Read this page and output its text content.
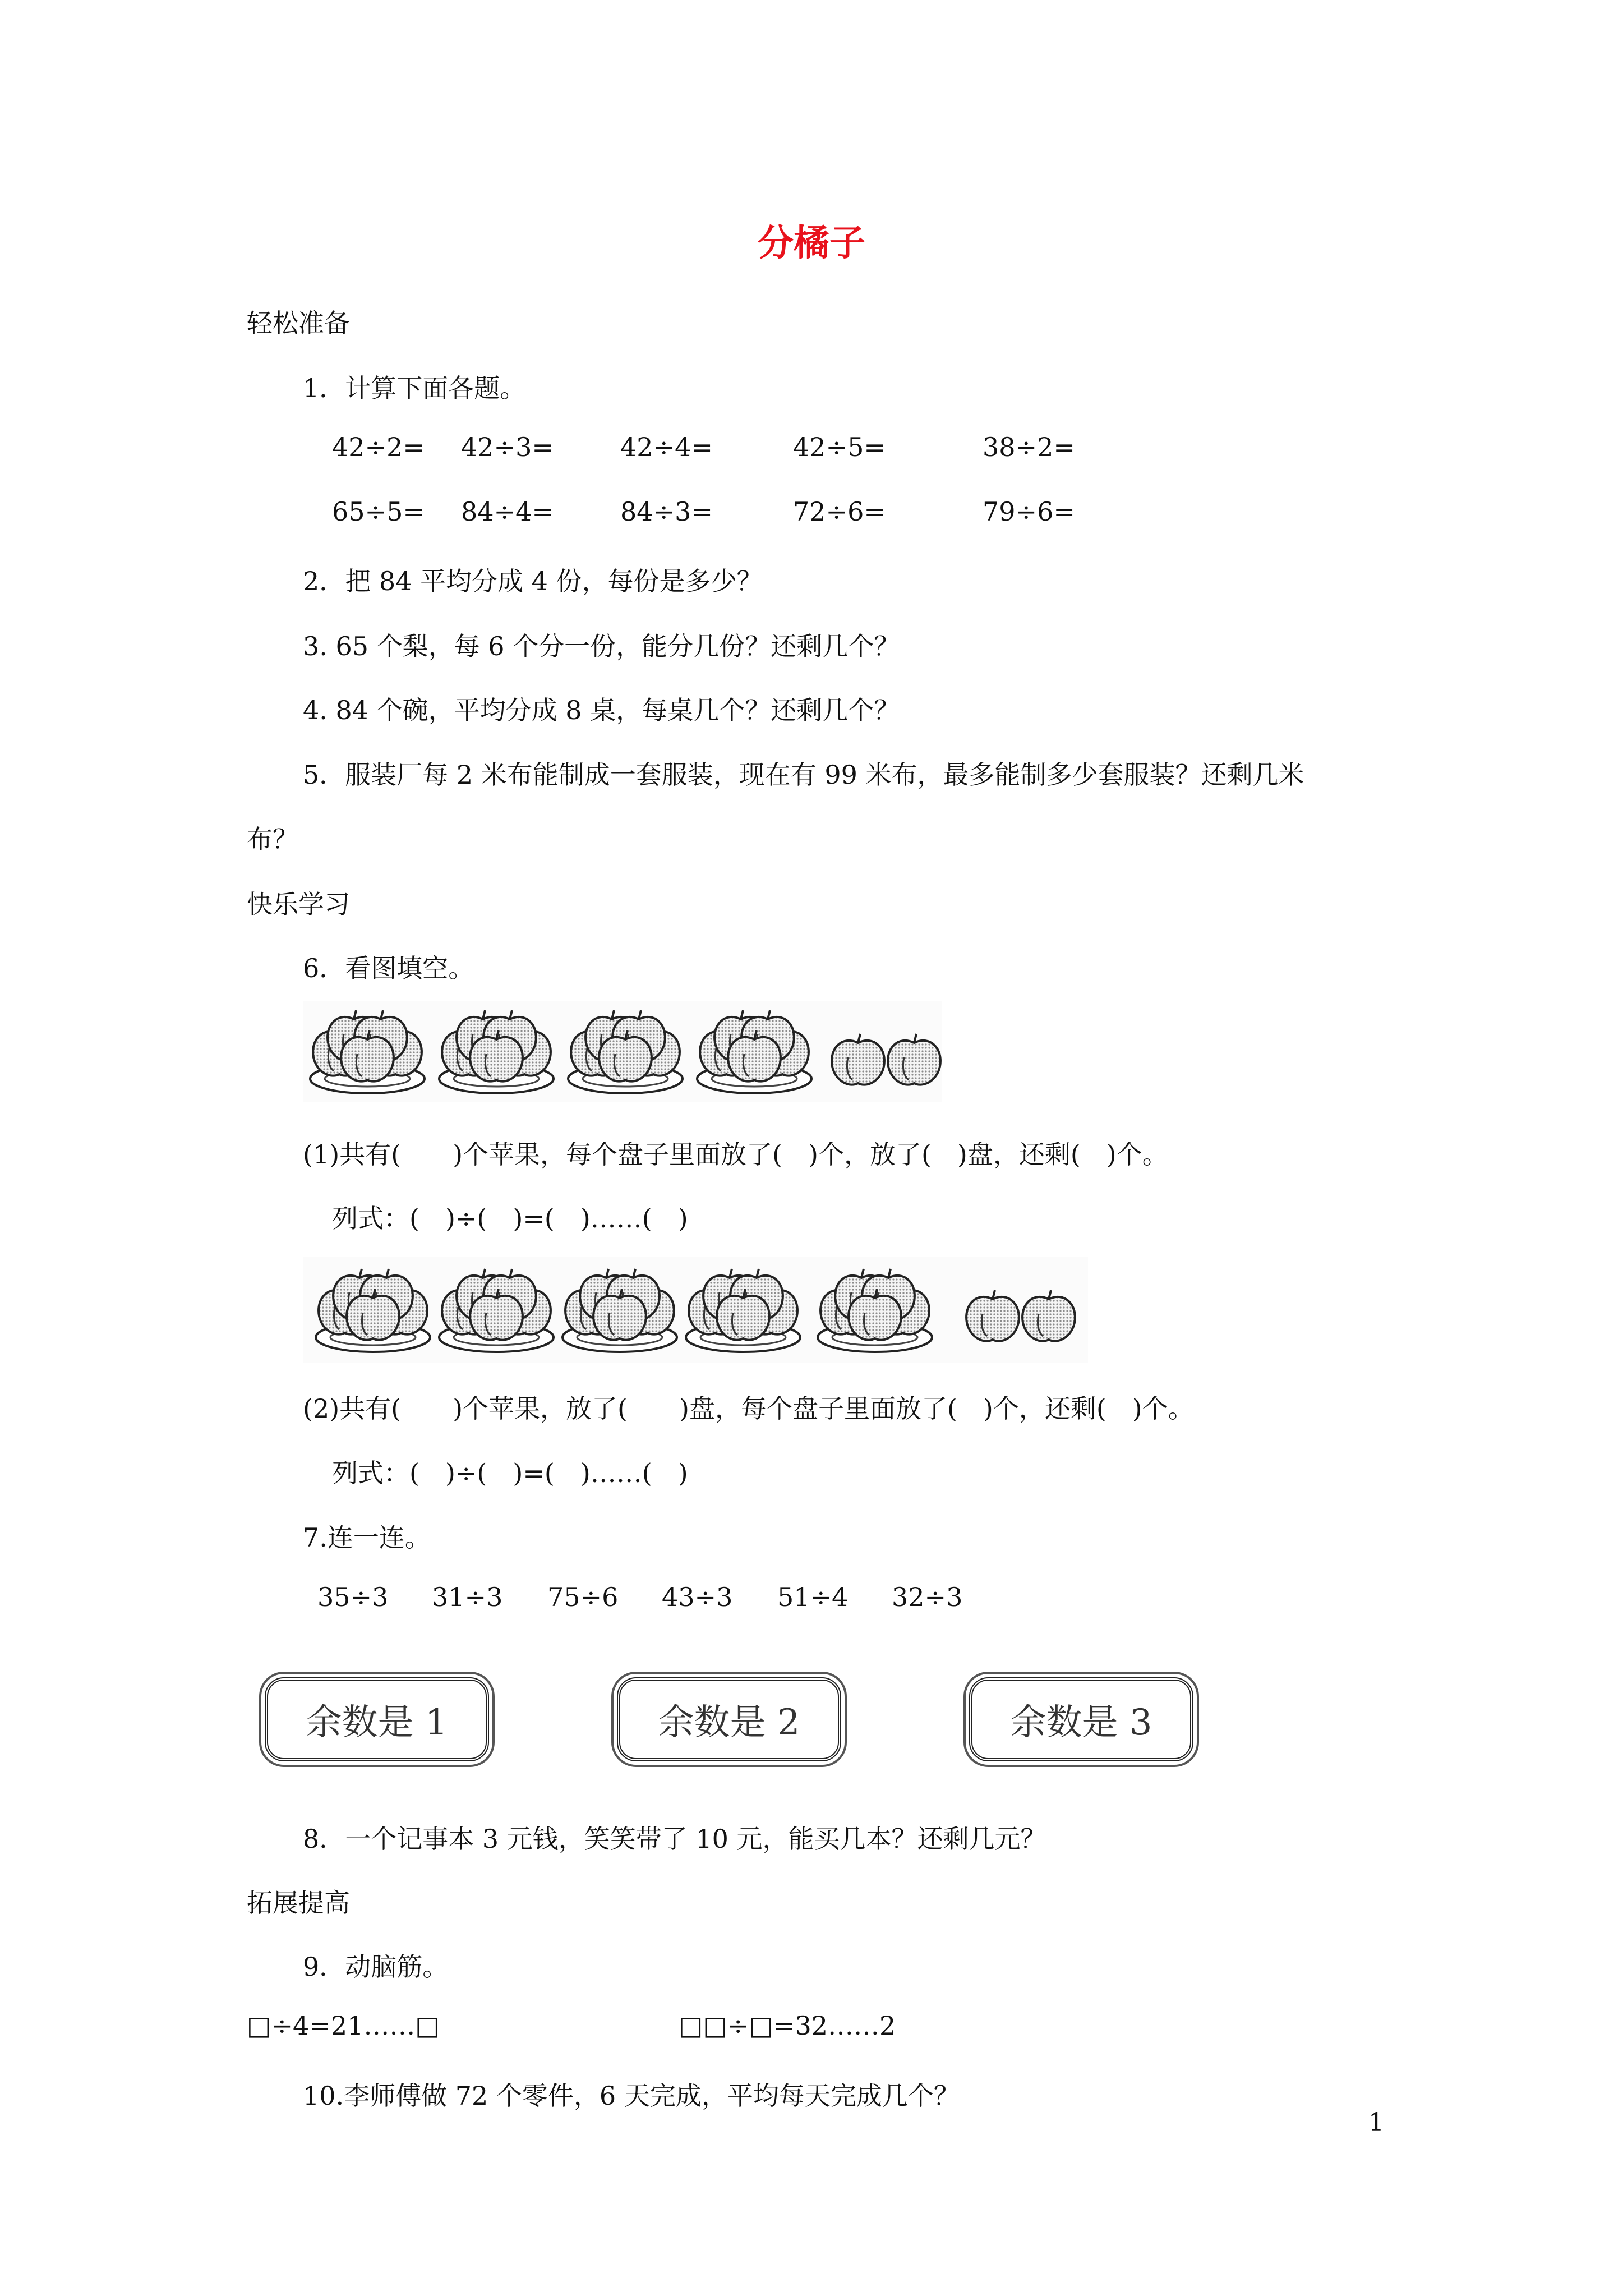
分橘子
轻松准备
1．计算下面各题。
42÷2= 42÷3=	42÷4=	42÷5=	38÷2=
65÷5= 84÷4=	84÷3=	72÷6=	79÷6=
2．把 84 平均分成 4 份，每份是多少？
3. 65 个梨，每 6 个分一份，能分几份？还剩几个？
4. 84 个碗，平均分成 8 桌，每桌几个？还剩几个？
5．服装厂每 2 米布能制成一套服装，现在有 99 米布，最多能制多少套服装？还剩几米
布？
快乐学习
6．看图填空。
(1)共有(　　)个苹果，每个盘子里面放了(　)个，放了(　)盘，还剩(　)个。
列式：(　)÷(　)=(　)……(　)
(2)共有(　　)个苹果，放了(　　)盘，每个盘子里面放了(　)个，还剩(　)个。
列式：(　)÷(　)=(　)……(　)
7.连一连。
35÷3 31÷3 75÷6 43÷3 51÷4 32÷3
余数是 1	余数是 2	余数是 3
8．一个记事本 3 元钱，笑笑带了 10 元，能买几本？还剩几元？
拓展提高
9．动脑筋。
□÷4=21……□	□□÷□=32……2
10.李师傅做 72 个零件，6 天完成，平均每天完成几个？
1
